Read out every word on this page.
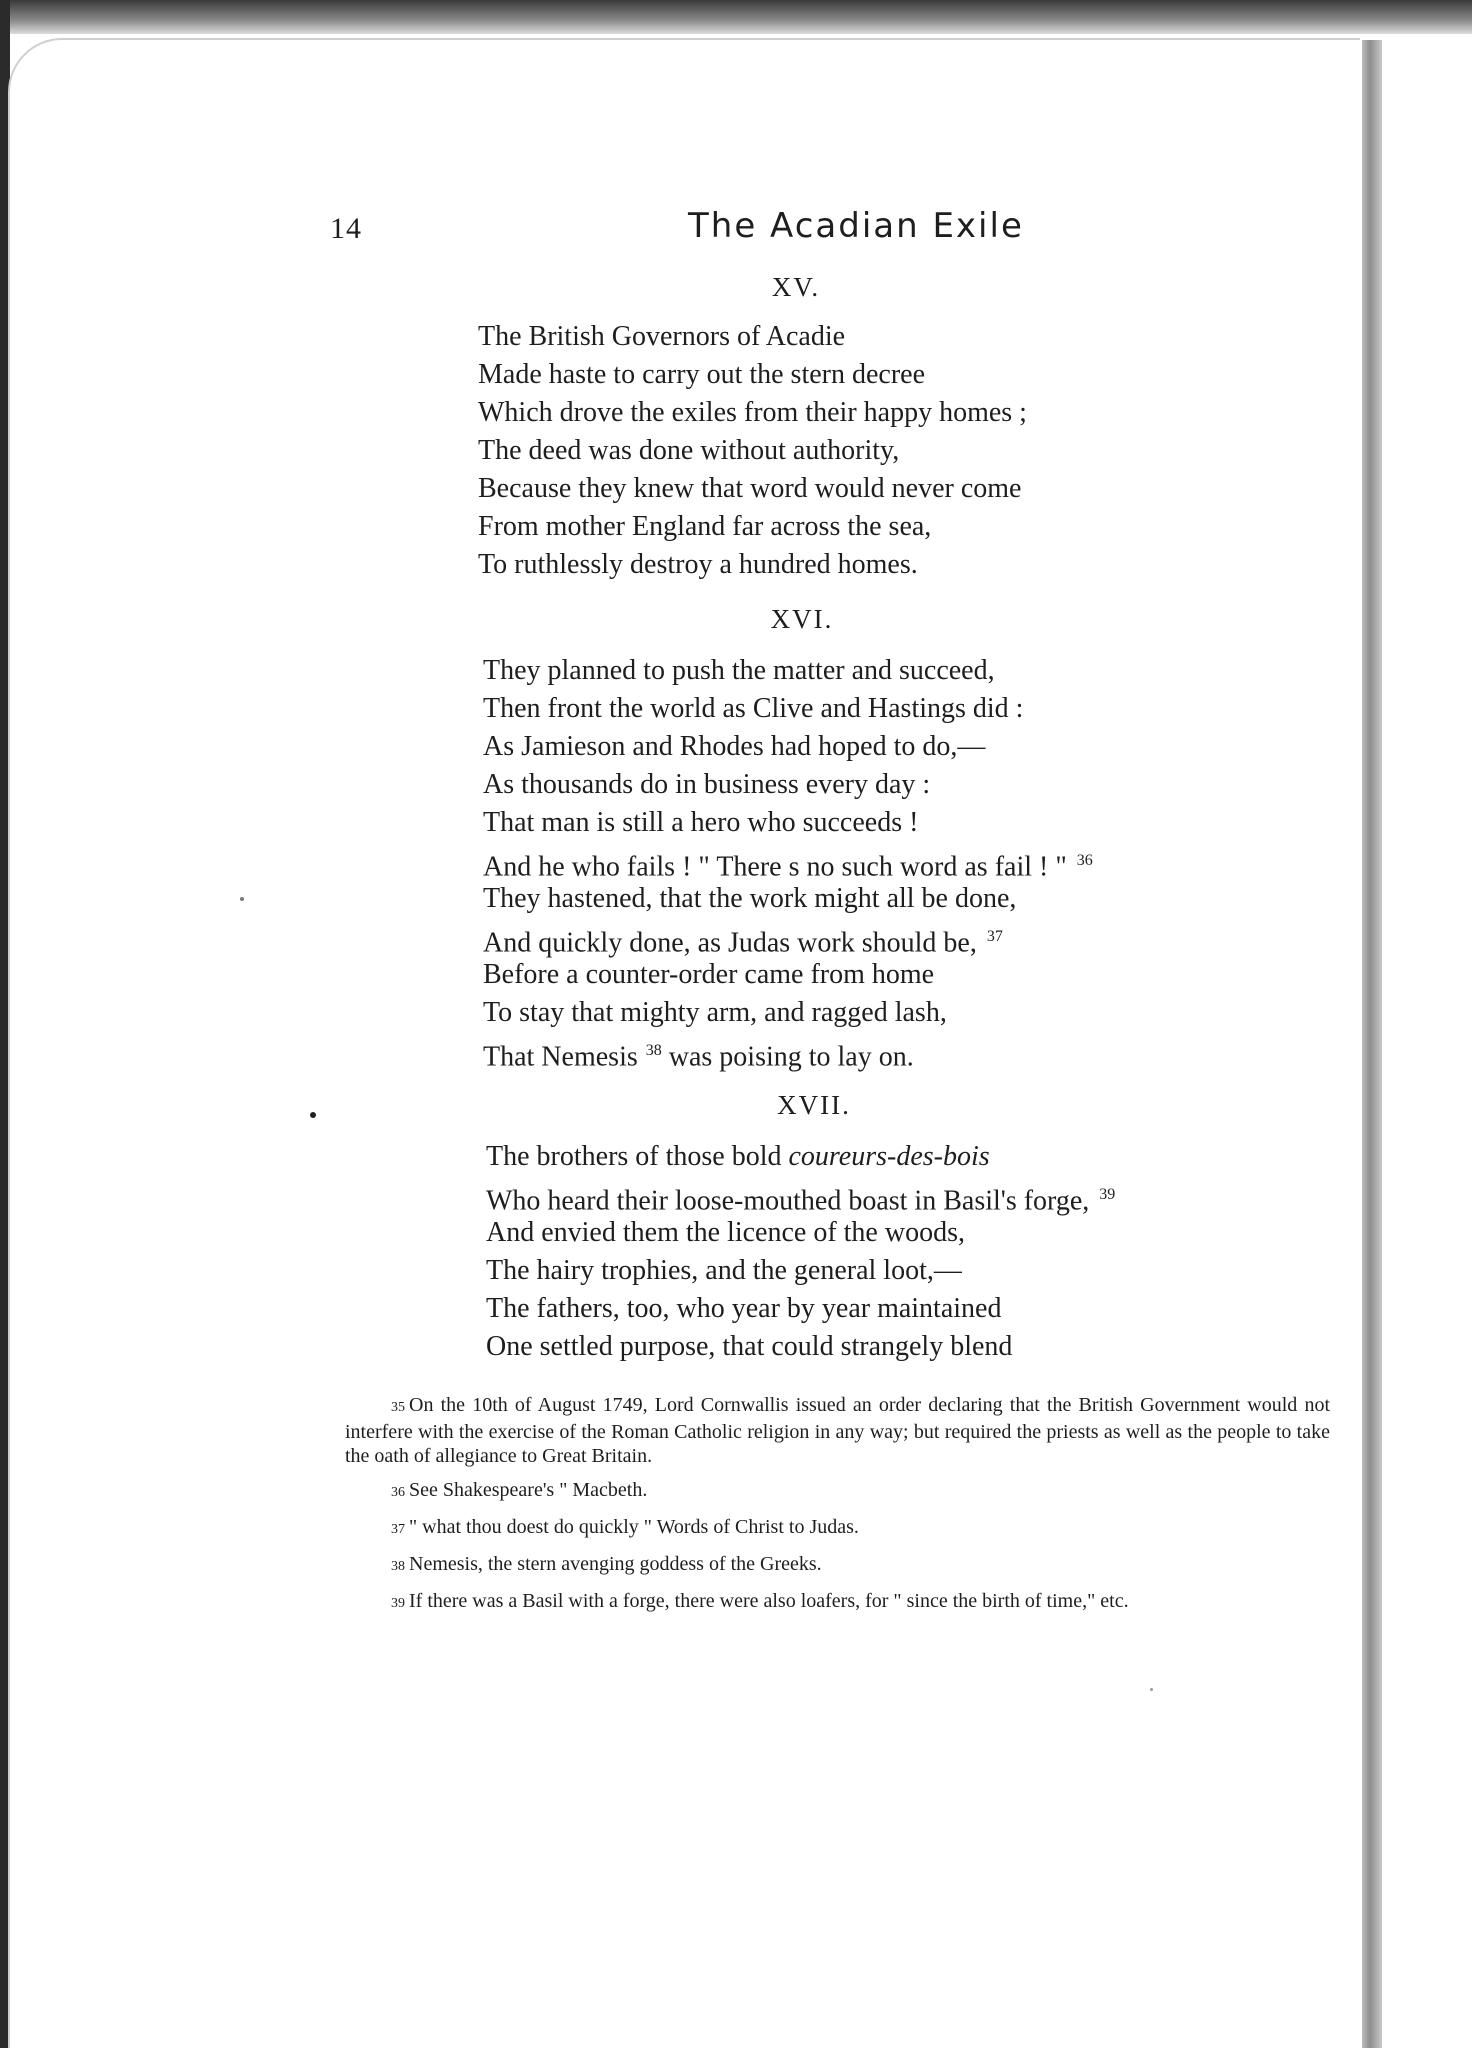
14	The Acadian Exile
XV.
The British Governors of Acadie
Made haste to carry out the stern decree
Which drove the exiles from their happy homes ;
The deed was done without authority,
Because they knew that word would never come
From mother England far across the sea,
To ruthlessly destroy a hundred homes.
XVI.
They planned to push the matter and succeed,
Then front the world as Clive and Hastings did :
As Jamieson and Rhodes had hoped to do,—
As thousands do in business every day :
That man is still a hero who succeeds !
And he who fails ! " There s no such word as fail ! " $^{36}$
They hastened, that the work might all be done,
And quickly done, as Judas work should be, $^{37}$
Before a counter-order came from home
To stay that mighty arm, and ragged lash,
That Nemesis $^{38}$ was poising to lay on.
XVII.
The brothers of those bold coureurs-des-bois
Who heard their loose-mouthed boast in Basil's forge, $^{39}$
And envied them the licence of the woods,
The hairy trophies, and the general loot,—
The fathers, too, who year by year maintained
One settled purpose, that could strangely blend

35 On the 10th of August 1749, Lord Cornwallis issued an order declaring that the British Government would not interfere with the exercise of the Roman Catholic religion in any way; but required the priests as well as the people to take the oath of allegiance to Great Britain.

36 See Shakespeare's " Macbeth.

37 " what thou doest do quickly " Words of Christ to Judas.

38 Nemesis, the stern avenging goddess of the Greeks.

39 If there was a Basil with a forge, there were also loafers, for " since the birth of time," etc.
